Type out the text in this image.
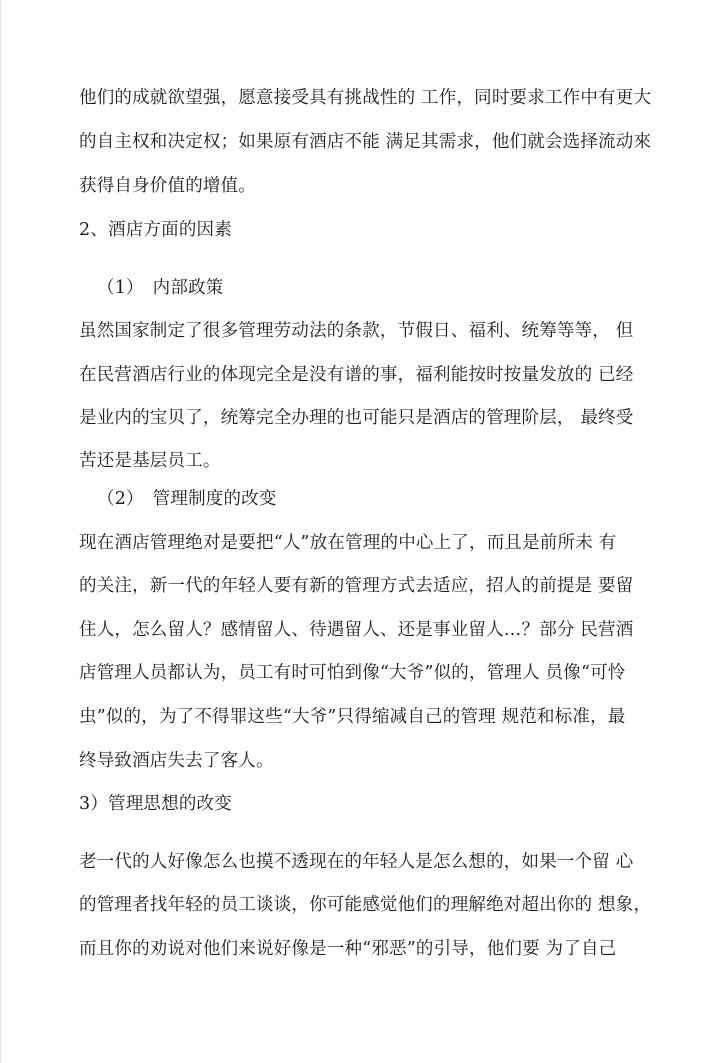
他们的成就欲望强，愿意接受具有挑战性的 工作，同时要求工作中有更大
的自主权和决定权；如果原有酒店不能 满足其需求，他们就会选择流动來
获得自身价值的增值。
2、酒店方面的因素
（1）　内部政策
虽然国家制定了很多管理劳动法的条款，节假日、福利、统筹等等， 但
在民营酒店行业的体现完全是没有谱的事，福利能按时按量发放的 已经
是业内的宝贝了，统筹完全办理的也可能只是酒店的管理阶层， 最终受
苦还是基层员工。
（2）　管理制度的改变
现在酒店管理绝对是要把“人”放在管理的中心上了，而且是前所未 有
的关注，新一代的年轻人要有新的管理方式去适应，招人的前提是 要留
住人，怎么留人？感情留人、待遇留人、还是事业留人…？部分 民营酒
店管理人员都认为，员工有时可怕到像“大爷”似的，管理人 员像“可怜
虫”似的，为了不得罪这些“大爷”只得缩减自己的管理 规范和标准，最
终导致酒店失去了客人。
3）管理思想的改变
老一代的人好像怎么也摸不透现在的年轻人是怎么想的，如果一个留 心
的管理者找年轻的员工谈谈，你可能感觉他们的理解绝对超出你的 想象，
而且你的劝说对他们来说好像是一种“邪恶”的引导，他们要 为了自己
